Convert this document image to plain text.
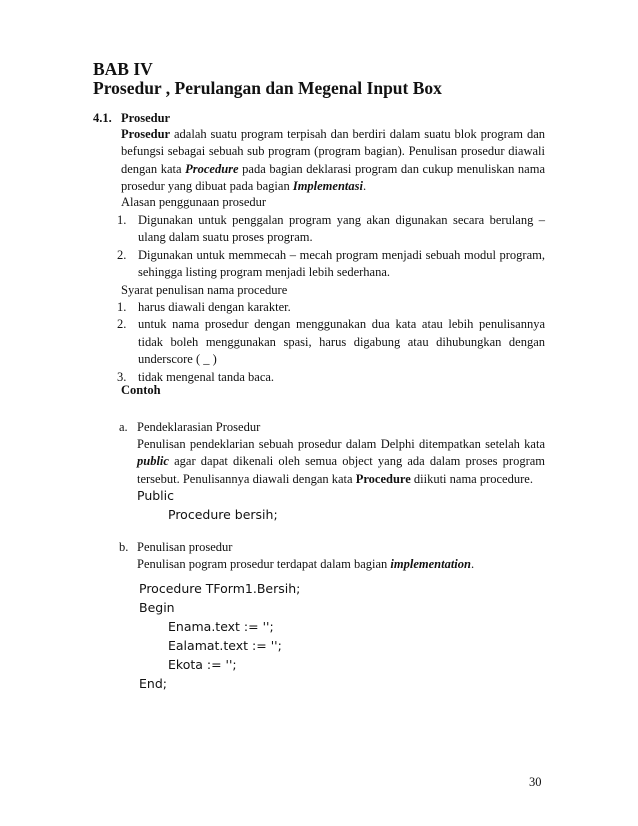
BAB IV
Prosedur , Perulangan dan Megenal Input Box
4.1. Prosedur
Prosedur adalah suatu program terpisah dan berdiri dalam suatu blok program dan befungsi sebagai sebuah sub program (program bagian). Penulisan prosedur diawali dengan kata Procedure pada bagian deklarasi program dan cukup menuliskan nama prosedur yang dibuat pada bagian Implementasi.
Alasan penggunaan prosedur
1. Digunakan untuk penggalan program yang akan digunakan secara berulang – ulang dalam suatu proses program.
2. Digunakan untuk memmecah – mecah program menjadi sebuah modul program, sehingga listing program menjadi lebih sederhana.
Syarat penulisan nama procedure
1. harus diawali dengan karakter.
2. untuk nama prosedur dengan menggunakan dua kata atau lebih penulisannya tidak boleh menggunakan spasi, harus digabung atau dihubungkan dengan underscore ( _ )
3. tidak mengenal tanda baca.
Contoh
a. Pendeklarasian Prosedur
Penulisan pendeklarian sebuah prosedur dalam Delphi ditempatkan setelah kata public agar dapat dikenali oleh semua object yang ada dalam proses program tersebut. Penulisannya diawali dengan kata Procedure diikuti nama procedure.
Public
Procedure bersih;
b. Penulisan prosedur
Penulisan pogram prosedur terdapat dalam bagian implementation.
Procedure TForm1.Bersih;
Begin
Enama.text := '';
Ealamat.text := '';
Ekota := '';
End;
30
